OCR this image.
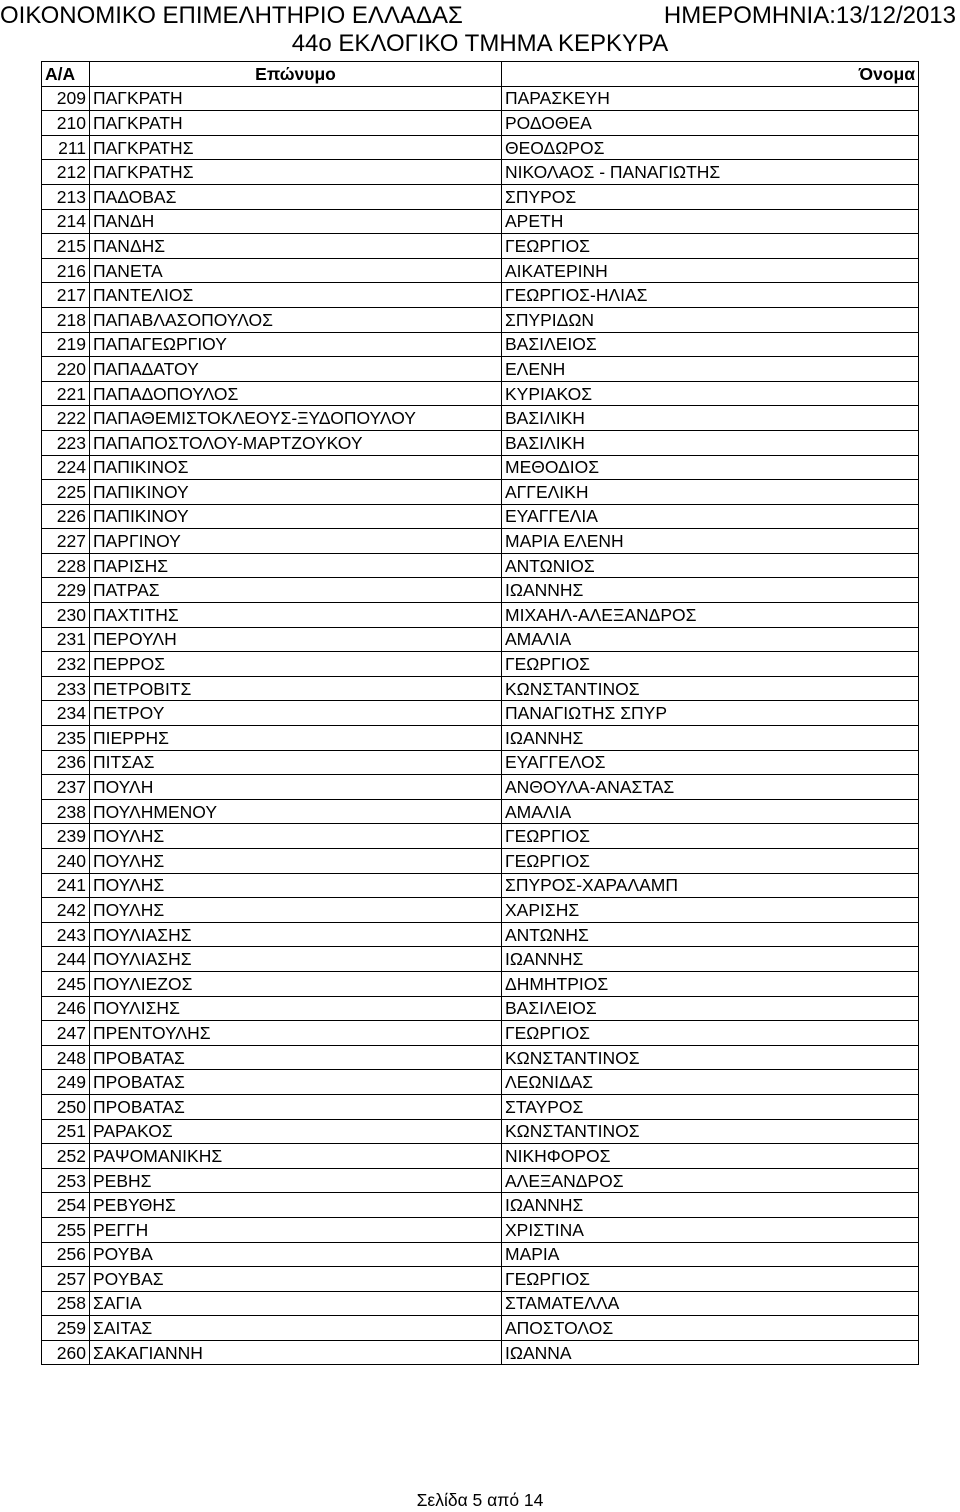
ΟΙΚΟΝΟΜΙΚΟ ΕΠΙΜΕΛΗΤΗΡΙΟ ΕΛΛΑΔΑΣ	ΗΜΕΡΟΜΗΝΙΑ:13/12/2013
44ο ΕΚΛΟΓΙΚΟ ΤΜΗΜΑ ΚΕΡΚΥΡΑ
Α/Α	Επώνυμο	Όνομα
209	ΠΑΓΚΡΑΤΗ	ΠΑΡΑΣΚΕΥΗ
210	ΠΑΓΚΡΑΤΗ	ΡΟΔΟΘΕΑ
211	ΠΑΓΚΡΑΤΗΣ	ΘΕΟΔΩΡΟΣ
212	ΠΑΓΚΡΑΤΗΣ	ΝΙΚΟΛΑΟΣ - ΠΑΝΑΓΙΩΤΗΣ
213	ΠΑΔΟΒΑΣ	ΣΠΥΡΟΣ
214	ΠΑΝΔΗ	ΑΡΕΤΗ
215	ΠΑΝΔΗΣ	ΓΕΩΡΓΙΟΣ
216	ΠΑΝΕΤΑ	ΑΙΚΑΤΕΡΙΝΗ
217	ΠΑΝΤΕΛΙΟΣ	ΓΕΩΡΓΙΟΣ-ΗΛΙΑΣ
218	ΠΑΠΑΒΛΑΣΟΠΟΥΛΟΣ	ΣΠΥΡΙΔΩΝ
219	ΠΑΠΑΓΕΩΡΓΙΟΥ	ΒΑΣΙΛΕΙΟΣ
220	ΠΑΠΑΔΑΤΟΥ	ΕΛΕΝΗ
221	ΠΑΠΑΔΟΠΟΥΛΟΣ	ΚΥΡΙΑΚΟΣ
222	ΠΑΠΑΘΕΜΙΣΤΟΚΛΕΟΥΣ-ΞΥΔΟΠΟΥΛΟΥ	ΒΑΣΙΛΙΚΗ
223	ΠΑΠΑΠΟΣΤΟΛΟΥ-ΜΑΡΤΖΟΥΚΟΥ	ΒΑΣΙΛΙΚΗ
224	ΠΑΠΙΚΙΝΟΣ	ΜΕΘΟΔΙΟΣ
225	ΠΑΠΙΚΙΝΟΥ	ΑΓΓΕΛΙΚΗ
226	ΠΑΠΙΚΙΝΟΥ	ΕΥΑΓΓΕΛΙΑ
227	ΠΑΡΓΙΝΟΥ	ΜΑΡΙΑ ΕΛΕΝΗ
228	ΠΑΡΙΣΗΣ	ΑΝΤΩΝΙΟΣ
229	ΠΑΤΡΑΣ	ΙΩΑΝΝΗΣ
230	ΠΑΧΤΙΤΗΣ	ΜΙΧΑΗΛ-ΑΛΕΞΑΝΔΡΟΣ
231	ΠΕΡΟΥΛΗ	ΑΜΑΛΙΑ
232	ΠΕΡΡΟΣ	ΓΕΩΡΓΙΟΣ
233	ΠΕΤΡΟΒΙΤΣ	ΚΩΝΣΤΑΝΤΙΝΟΣ
234	ΠΕΤΡΟΥ	ΠΑΝΑΓΙΩΤΗΣ ΣΠΥΡ
235	ΠΙΕΡΡΗΣ	ΙΩΑΝΝΗΣ
236	ΠΙΤΣΑΣ	ΕΥΑΓΓΕΛΟΣ
237	ΠΟΥΛΗ	ΑΝΘΟΥΛΑ-ΑΝΑΣΤΑΣ
238	ΠΟΥΛΗΜΕΝΟΥ	ΑΜΑΛΙΑ
239	ΠΟΥΛΗΣ	ΓΕΩΡΓΙΟΣ
240	ΠΟΥΛΗΣ	ΓΕΩΡΓΙΟΣ
241	ΠΟΥΛΗΣ	ΣΠΥΡΟΣ-ΧΑΡΑΛΑΜΠ
242	ΠΟΥΛΗΣ	ΧΑΡΙΣΗΣ
243	ΠΟΥΛΙΑΣΗΣ	ΑΝΤΩΝΗΣ
244	ΠΟΥΛΙΑΣΗΣ	ΙΩΑΝΝΗΣ
245	ΠΟΥΛΙΕΖΟΣ	ΔΗΜΗΤΡΙΟΣ
246	ΠΟΥΛΙΣΗΣ	ΒΑΣΙΛΕΙΟΣ
247	ΠΡΕΝΤΟΥΛΗΣ	ΓΕΩΡΓΙΟΣ
248	ΠΡΟΒΑΤΑΣ	ΚΩΝΣΤΑΝΤΙΝΟΣ
249	ΠΡΟΒΑΤΑΣ	ΛΕΩΝΙΔΑΣ
250	ΠΡΟΒΑΤΑΣ	ΣΤΑΥΡΟΣ
251	ΡΑΡΑΚΟΣ	ΚΩΝΣΤΑΝΤΙΝΟΣ
252	ΡΑΨΟΜΑΝΙΚΗΣ	ΝΙΚΗΦΟΡΟΣ
253	ΡΕΒΗΣ	ΑΛΕΞΑΝΔΡΟΣ
254	ΡΕΒΥΘΗΣ	ΙΩΑΝΝΗΣ
255	ΡΕΓΓΗ	ΧΡΙΣΤΙΝΑ
256	ΡΟΥΒΑ	ΜΑΡΙΑ
257	ΡΟΥΒΑΣ	ΓΕΩΡΓΙΟΣ
258	ΣΑΓΙΑ	ΣΤΑΜΑΤΕΛΛΑ
259	ΣΑΙΤΑΣ	ΑΠΟΣΤΟΛΟΣ
260	ΣΑΚΑΓΙΑΝΝΗ	ΙΩΑΝΝΑ
Σελίδα 5 από 14
